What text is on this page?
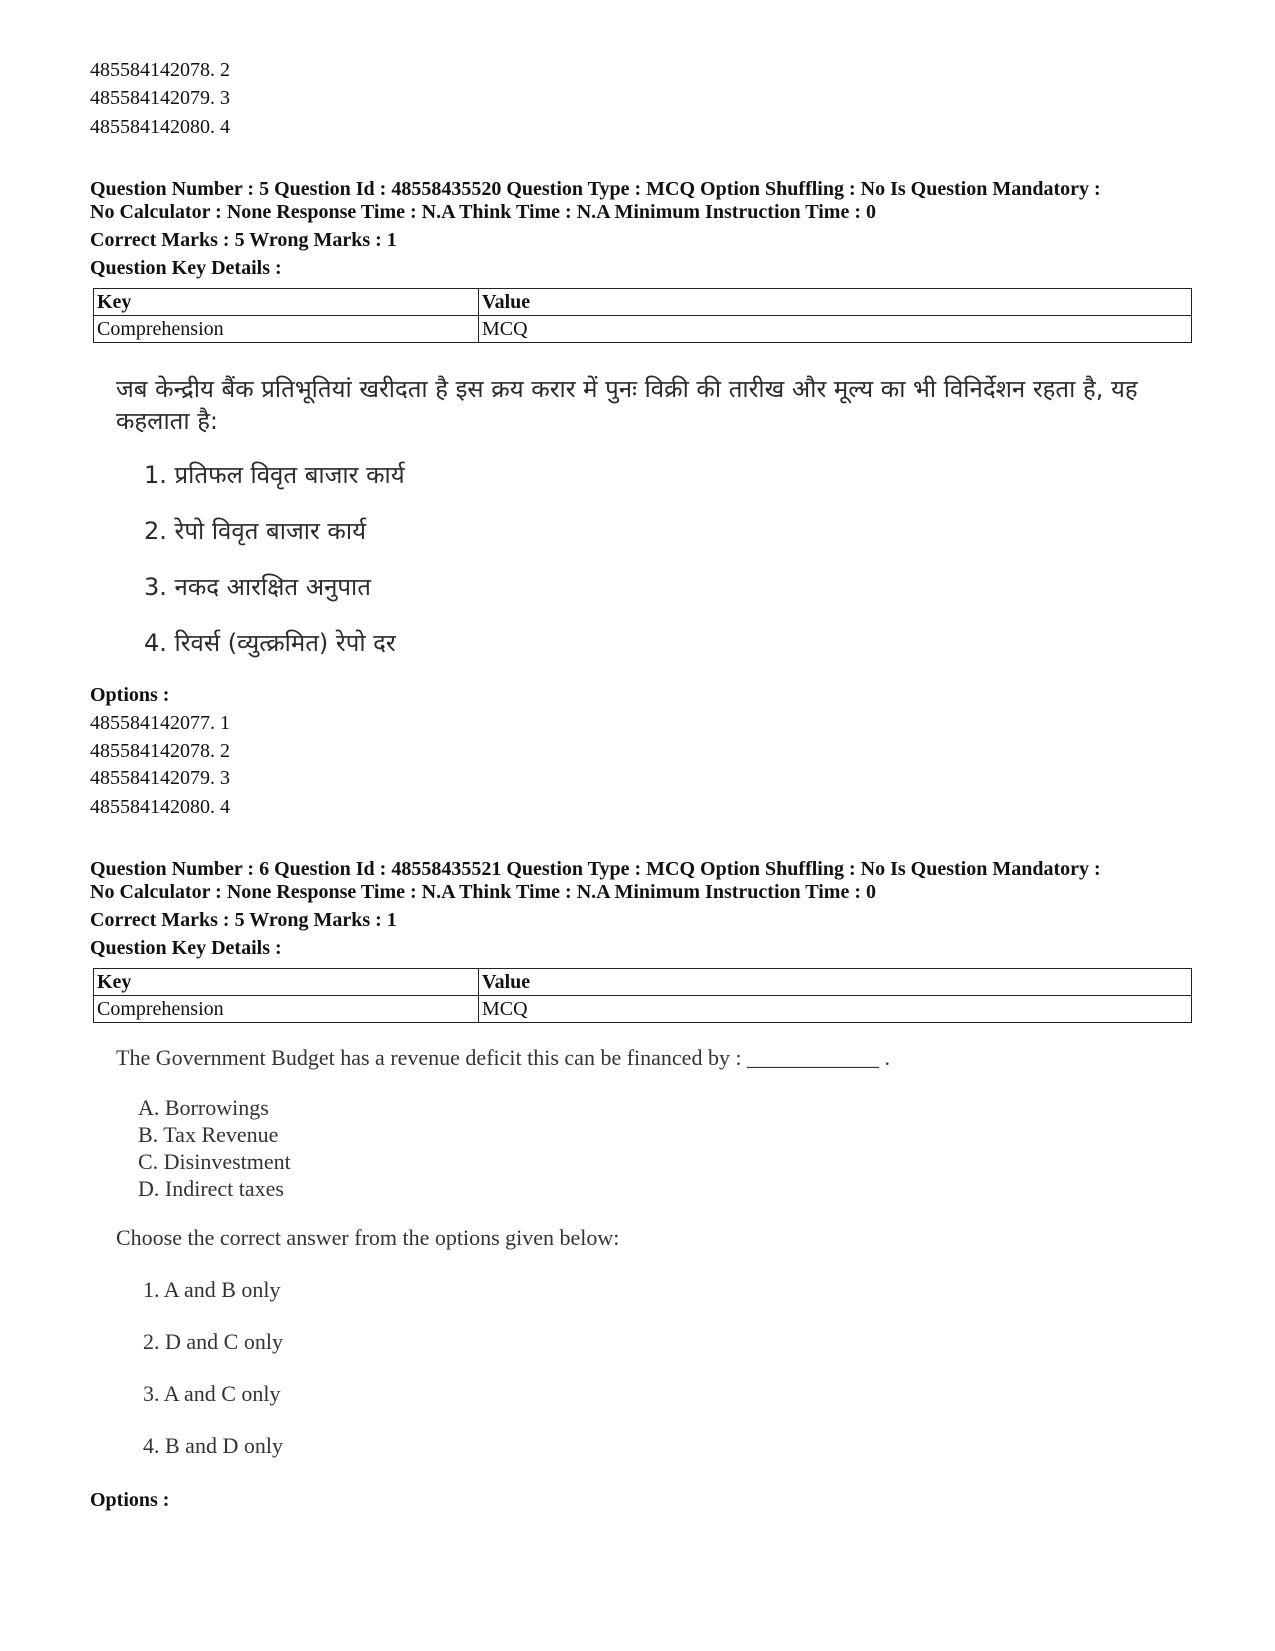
485584142078. 2
485584142079. 3
485584142080. 4
Question Number : 5 Question Id : 48558435520 Question Type : MCQ Option Shuffling : No Is Question Mandatory :
No Calculator : None Response Time : N.A Think Time : N.A Minimum Instruction Time : 0
Correct Marks : 5 Wrong Marks : 1
Question Key Details :
Key	Value
Comprehension	MCQ
जब केन्द्रीय बैंक प्रतिभूतियां खरीदता है इस क्रय करार में पुनः विक्री की तारीख और मूल्य का भी विनिर्देशन रहता है, यह
कहलाता है:
1. प्रतिफल विवृत बाजार कार्य
2. रेपो विवृत बाजार कार्य
3. नकद आरक्षित अनुपात
4. रिवर्स (व्युत्क्रमित) रेपो दर
Options :
485584142077. 1
485584142078. 2
485584142079. 3
485584142080. 4
Question Number : 6 Question Id : 48558435521 Question Type : MCQ Option Shuffling : No Is Question Mandatory :
No Calculator : None Response Time : N.A Think Time : N.A Minimum Instruction Time : 0
Correct Marks : 5 Wrong Marks : 1
Question Key Details :
Key	Value
Comprehension	MCQ
The Government Budget has a revenue deficit this can be financed by : ____________ .
A. Borrowings
B. Tax Revenue
C. Disinvestment
D. Indirect taxes
Choose the correct answer from the options given below:
1. A and B only
2. D and C only
3. A and C only
4. B and D only
Options :
